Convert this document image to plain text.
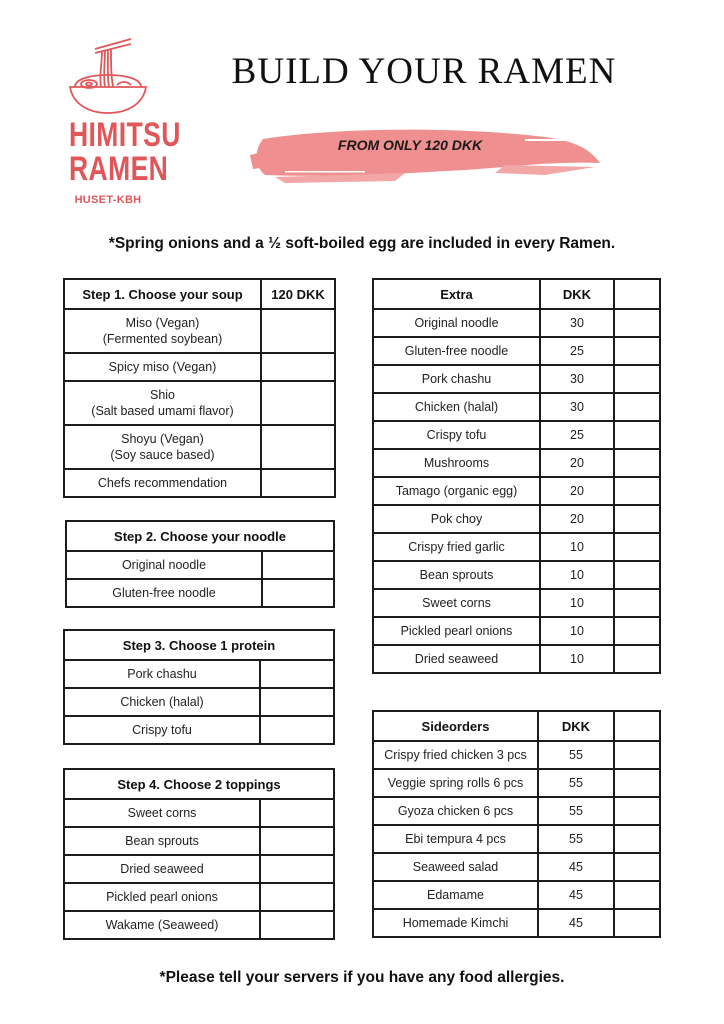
HIMITSU
RAMEN
HUSET-KBH
BUILD YOUR RAMEN
FROM ONLY 120 DKK
*Spring onions and a ½ soft-boiled egg are included in every Ramen.
Step 1. Choose your soup	120 DKK

Miso (Vegan)
(Fermented soybean)	

Spicy miso (Vegan)	

Shio
(Salt based umami flavor)	

Shoyu (Vegan)
(Soy sauce based)	

Chefs recommendation	
Step 2. Choose your noodle	
Original noodle	
Gluten-free noodle	
Step 3. Choose 1 protein	
Pork chashu	
Chicken (halal)	
Crispy tofu	
Step 4. Choose 2 toppings	
Sweet corns	
Bean sprouts	
Dried seaweed	
Pickled pearl onions	
Wakame (Seaweed)	
Extra	DKK	
Original noodle	30	
Gluten-free noodle	25	
Pork chashu	30	
Chicken (halal)	30	
Crispy tofu	25	
Mushrooms	20	
Tamago (organic egg)	20	
Pok choy	20	
Crispy fried garlic	10	
Bean sprouts	10	
Sweet corns	10	
Pickled pearl onions	10	
Dried seaweed	10	
Sideorders	DKK	
Crispy fried chicken 3 pcs	55	
Veggie spring rolls 6 pcs	55	
Gyoza chicken 6 pcs	55	
Ebi tempura 4 pcs	55	
Seaweed salad	45	
Edamame	45	
Homemade Kimchi	45	
*Please tell your servers if you have any food allergies.
